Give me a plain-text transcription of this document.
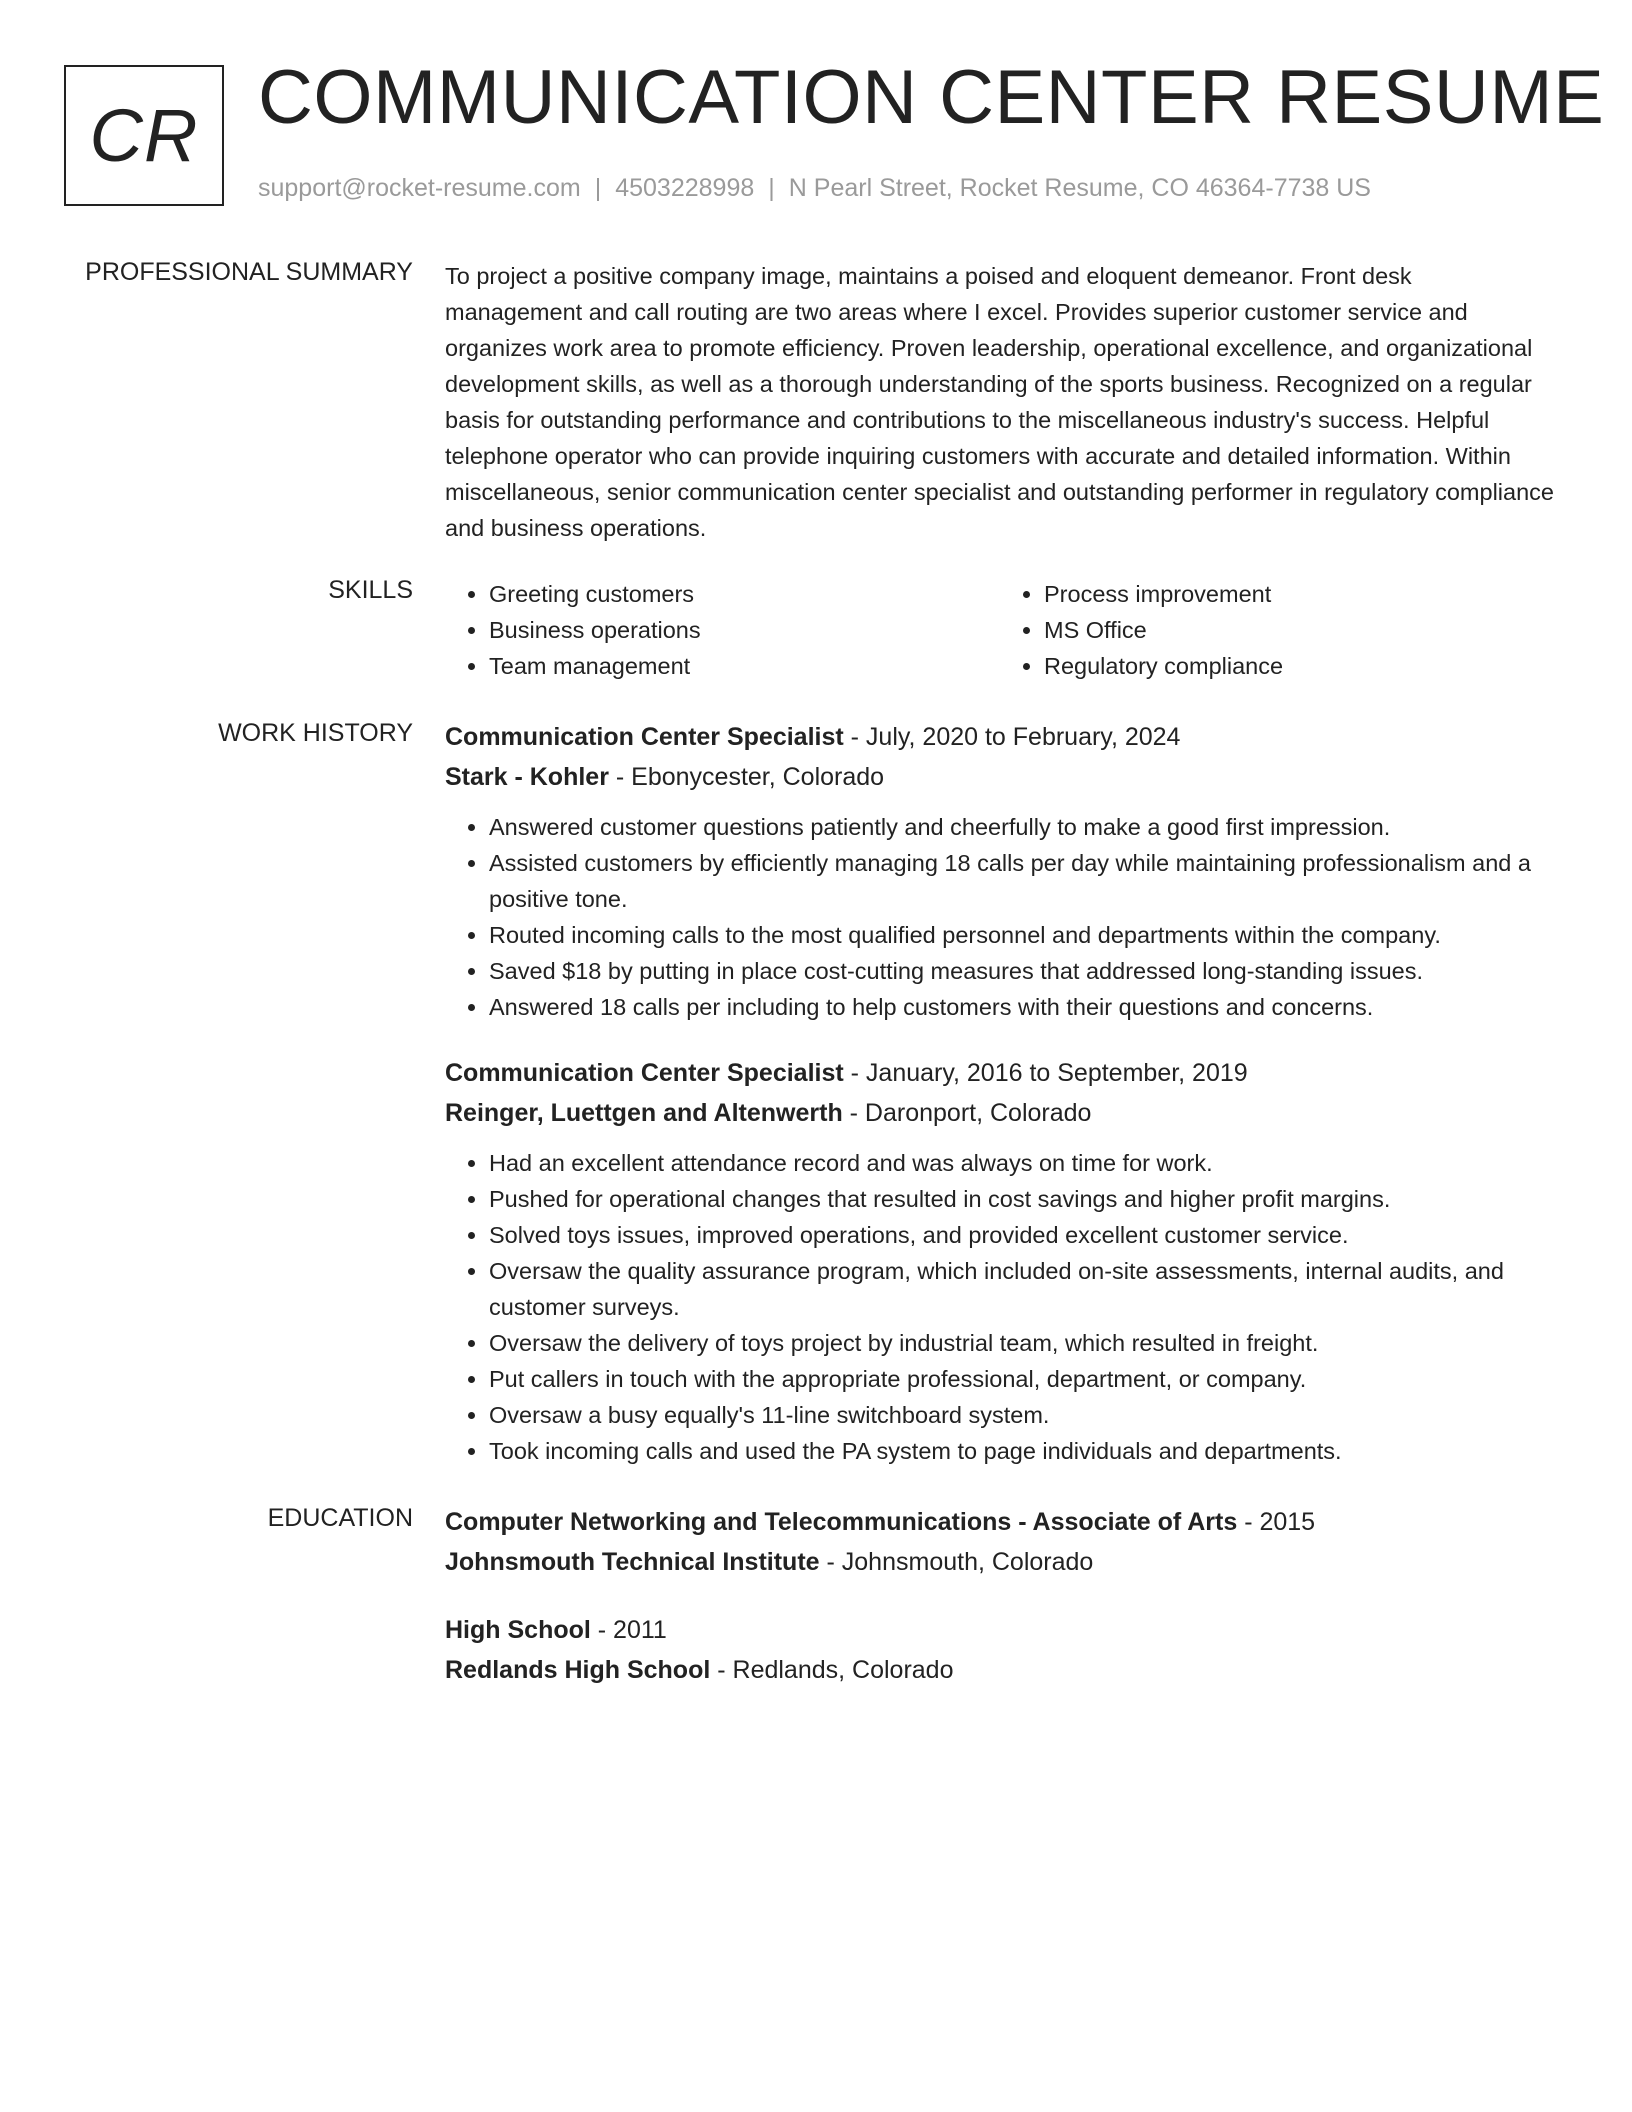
CR COMMUNICATION CENTER RESUME
support@rocket-resume.com | 4503228998 | N Pearl Street, Rocket Resume, CO 46364-7738 US
PROFESSIONAL SUMMARY To project a positive company image, maintains a poised and eloquent demeanor. Front desk management and call routing are two areas where I excel. Provides superior customer service and organizes work area to promote efficiency. Proven leadership, operational excellence, and organizational development skills, as well as a thorough understanding of the sports business. Recognized on a regular basis for outstanding performance and contributions to the miscellaneous industry's success. Helpful telephone operator who can provide inquiring customers with accurate and detailed information. Within miscellaneous, senior communication center specialist and outstanding performer in regulatory compliance and business operations.

SKILLS
•	Greeting customers
• Business operations
• Team management
• Process improvement
• MS Office
• Regulatory compliance
WORK HISTORY Communication Center Specialist - July, 2020 to February, 2024
Stark - Kohler - Ebonycester, Colorado
• Answered customer questions patiently and cheerfully to make a good first impression.
• Assisted customers by efficiently managing 18 calls per day while maintaining professionalism and a positive tone.
• Routed incoming calls to the most qualified personnel and departments within the company.
• Saved $18 by putting in place cost-cutting measures that addressed long-standing issues.
• Answered 18 calls per including to help customers with their questions and concerns.
Communication Center Specialist - January, 2016 to September, 2019
Reinger, Luettgen and Altenwerth - Daronport, Colorado
• Had an excellent attendance record and was always on time for work.
• Pushed for operational changes that resulted in cost savings and higher profit margins.
• Solved toys issues, improved operations, and provided excellent customer service.
• Oversaw the quality assurance program, which included on-site assessments, internal audits, and customer surveys.
• Oversaw the delivery of toys project by industrial team, which resulted in freight.
• Put callers in touch with the appropriate professional, department, or company.
• Oversaw a busy equally's 11-line switchboard system.
• Took incoming calls and used the PA system to page individuals and departments.
EDUCATION Computer Networking and Telecommunications - Associate of Arts - 2015
Johnsmouth Technical Institute - Johnsmouth, Colorado
High School - 2011
Redlands High School - Redlands, Colorado
